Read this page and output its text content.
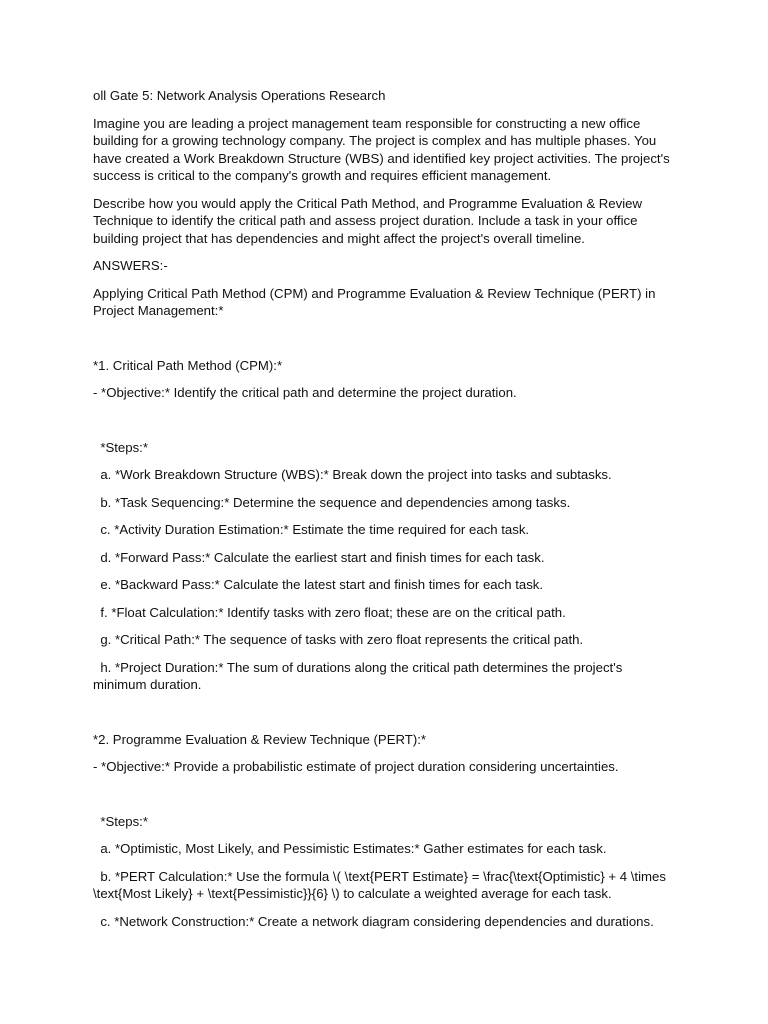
oll Gate 5: Network Analysis Operations Research

Imagine you are leading a project management team responsible for constructing a new office building for a growing technology company. The project is complex and has multiple phases. You have created a Work Breakdown Structure (WBS) and identified key project activities. The project's success is critical to the company's growth and requires efficient management.

Describe how you would apply the Critical Path Method, and Programme Evaluation & Review Technique to identify the critical path and assess project duration. Include a task in your office building project that has dependencies and might affect the project's overall timeline.

ANSWERS:-

Applying Critical Path Method (CPM) and Programme Evaluation & Review Technique (PERT) in Project Management:*

*1. Critical Path Method (CPM):*

- *Objective:* Identify the critical path and determine the project duration.

*Steps:*

a. *Work Breakdown Structure (WBS):* Break down the project into tasks and subtasks.

b. *Task Sequencing:* Determine the sequence and dependencies among tasks.

c. *Activity Duration Estimation:* Estimate the time required for each task.

d. *Forward Pass:* Calculate the earliest start and finish times for each task.

e. *Backward Pass:* Calculate the latest start and finish times for each task.

f. *Float Calculation:* Identify tasks with zero float; these are on the critical path.

g. *Critical Path:* The sequence of tasks with zero float represents the critical path.

h. *Project Duration:* The sum of durations along the critical path determines the project's minimum duration.

*2. Programme Evaluation & Review Technique (PERT):*

- *Objective:* Provide a probabilistic estimate of project duration considering uncertainties.

*Steps:*

a. *Optimistic, Most Likely, and Pessimistic Estimates:* Gather estimates for each task.

b. *PERT Calculation:* Use the formula \( \text{PERT Estimate} = \frac{\text{Optimistic} + 4 \times \text{Most Likely} + \text{Pessimistic}}{6} \) to calculate a weighted average for each task.

c. *Network Construction:* Create a network diagram considering dependencies and durations.
